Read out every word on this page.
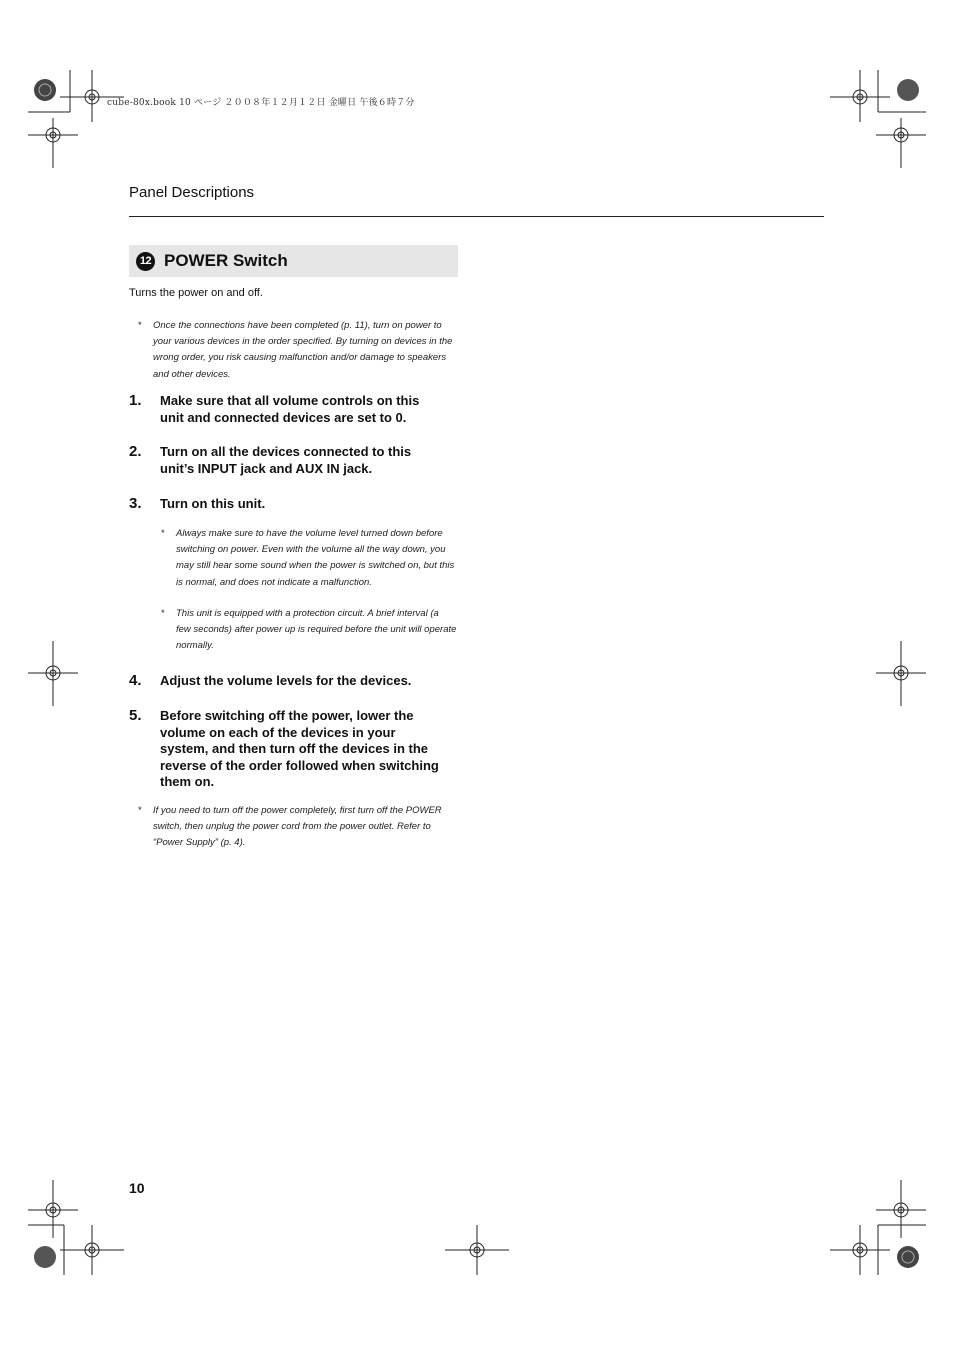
cube-80x.book 10 ページ ２００８年１２月１２日 金曜日 午後６時７分
Panel Descriptions
12 POWER Switch
Turns the power on and off.
* Once the connections have been completed (p. 11), turn on power to
your various devices in the order specified. By turning on devices in the
wrong order, you risk causing malfunction and/or damage to speakers
and other devices.
1. Make sure that all volume controls on this
unit and connected devices are set to 0.
2. Turn on all the devices connected to this
unit’s INPUT jack and AUX IN jack.
3. Turn on this unit.
* Always make sure to have the volume level turned down before
switching on power. Even with the volume all the way down, you
may still hear some sound when the power is switched on, but this
is normal, and does not indicate a malfunction.
* This unit is equipped with a protection circuit. A brief interval (a
few seconds) after power up is required before the unit will operate
normally.
4. Adjust the volume levels for the devices.
5. Before switching off the power, lower the
volume on each of the devices in your
system, and then turn off the devices in the
reverse of the order followed when switching
them on.
* If you need to turn off the power completely, first turn off the POWER
switch, then unplug the power cord from the power outlet. Refer to
“Power Supply” (p. 4).
10
